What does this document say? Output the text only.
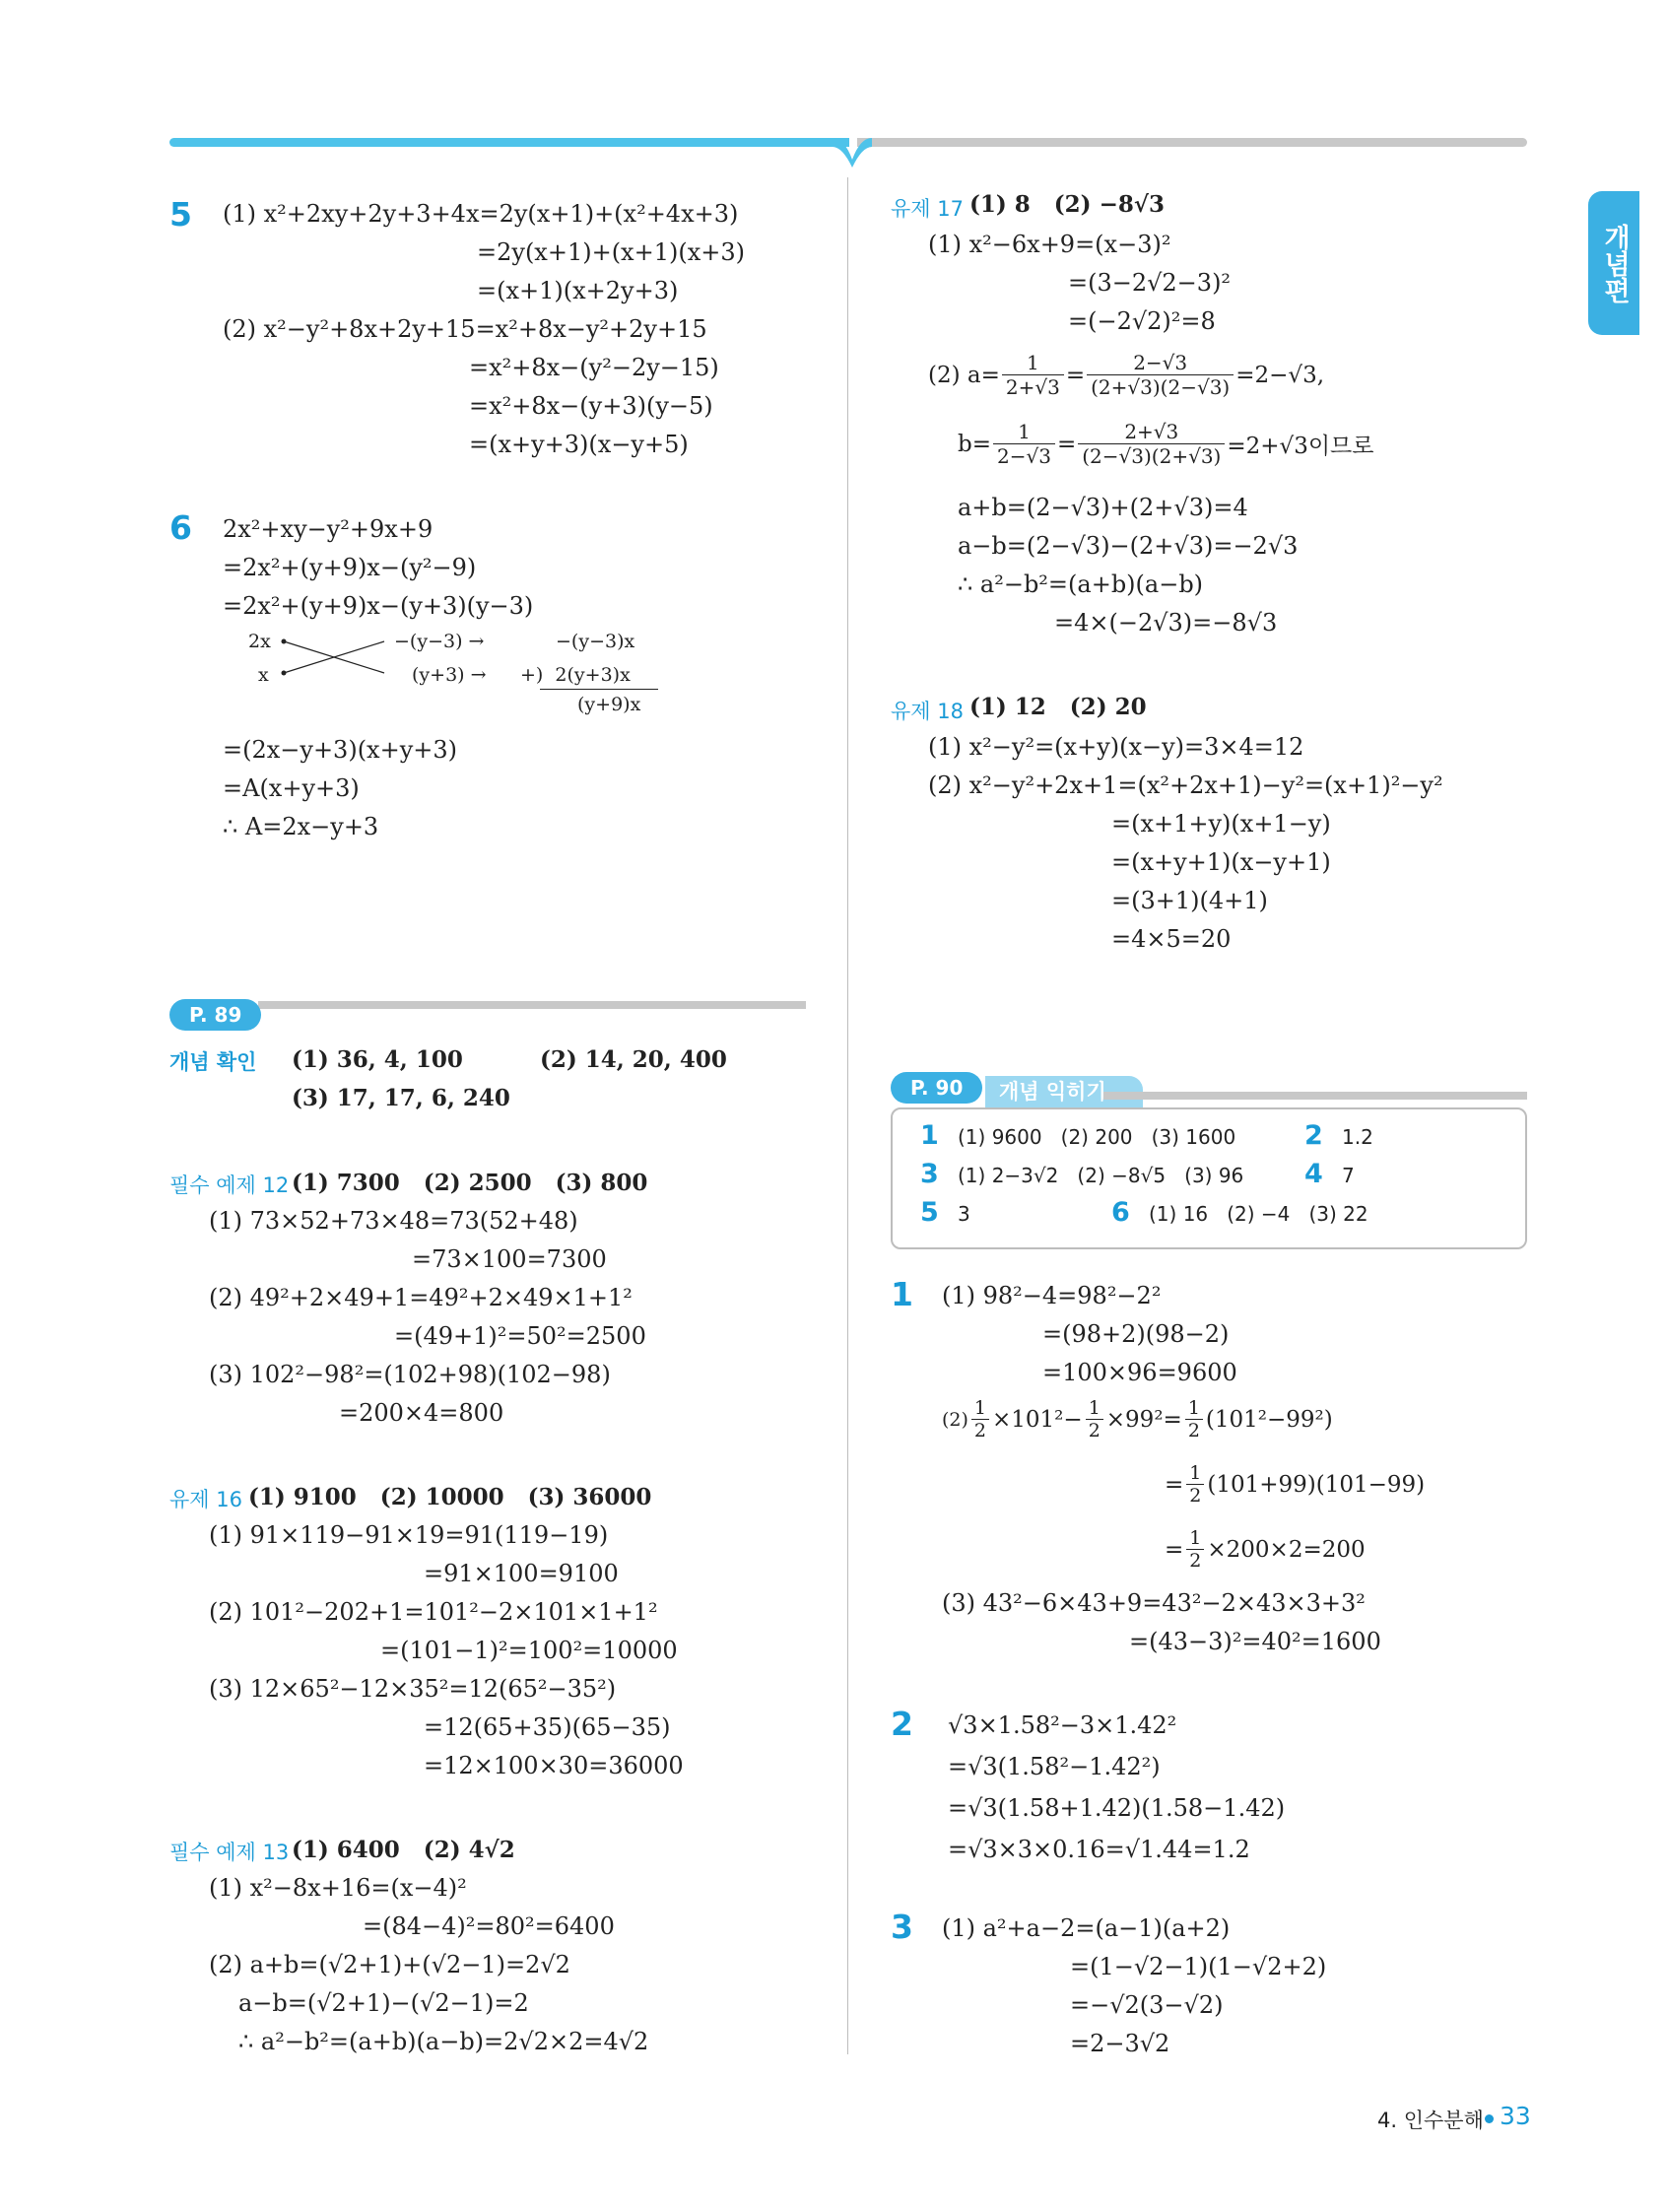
개념편
5 (1) x²+2xy+2y+3+4x=2y(x+1)+(x²+4x+3)
=2y(x+1)+(x+1)(x+3)
=(x+1)(x+2y+3)
(2) x²−y²+8x+2y+15=x²+8x−y²+2y+15
=x²+8x−(y²−2y−15)
=x²+8x−(y+3)(y−5)
=(x+y+3)(x−y+5)
6 2x²+xy−y²+9x+9
=2x²+(y+9)x−(y²−9)
=2x²+(y+9)x−(y+3)(y−3)
2x
x
−(y−3) →
(y+3) →
−(y−3)x
+)  2(y+3)x
(y+9)x
=(2x−y+3)(x+y+3)
=A(x+y+3)
∴ A=2x−y+3
P. 89
개념 확인 (1) 36, 4, 100	(2) 14, 20, 400
(3) 17, 17, 6, 240
필수 예제 12 (1) 7300   (2) 2500   (3) 800
(1) 73×52+73×48=73(52+48)
=73×100=7300
(2) 49²+2×49+1=49²+2×49×1+1²
=(49+1)²=50²=2500
(3) 102²−98²=(102+98)(102−98)
=200×4=800
유제 16 (1) 9100   (2) 10000   (3) 36000
(1) 91×119−91×19=91(119−19)
=91×100=9100
(2) 101²−202+1=101²−2×101×1+1²
=(101−1)²=100²=10000
(3) 12×65²−12×35²=12(65²−35²)
=12(65+35)(65−35)
=12×100×30=36000
필수 예제 13 (1) 6400   (2) 4√2
(1) x²−8x+16=(x−4)²
=(84−4)²=80²=6400
(2) a+b=(√2+1)+(√2−1)=2√2
a−b=(√2+1)−(√2−1)=2
∴ a²−b²=(a+b)(a−b)=2√2×2=4√2
유제 17 (1) 8   (2) −8√3
(1) x²−6x+9=(x−3)²
=(3−2√2−3)²
=(−2√2)²=8
(2) $a= \frac{1}{2+√3} = \frac{2-√3}{(2+√3)(2-√3)} =2-√3$,
$b= \frac{1}{2-√3} = \frac{2+√3}{(2-√3)(2+√3)} =2+√3$이므로
a+b=(2−√3)+(2+√3)=4
a−b=(2−√3)−(2+√3)=−2√3
∴ a²−b²=(a+b)(a−b)
=4×(−2√3)=−8√3
유제 18 (1) 12   (2) 20
(1) x²−y²=(x+y)(x−y)=3×4=12
(2) x²−y²+2x+1=(x²+2x+1)−y²=(x+1)²−y²
=(x+1+y)(x+1−y)
=(x+y+1)(x−y+1)
=(3+1)(4+1)
=4×5=20
P. 90	개념 익히기
1 (1) 9600   (2) 200   (3) 1600	2 1.2
3 (1) 2−3√2   (2) −8√5   (3) 96 4 7
5 3	6 (1) 16   (2) −4   (3) 22
1 (1) 98²−4=98²−2²
=(98+2)(98−2)
=100×96=9600
$(2) \frac{1}{2} \times 101^2- \frac{1}{2} \times 99^2= \frac{1}{2} (101^2-99^2)$
= $\frac{1}{2} (101+99)(101-99)$
= $\frac{1}{2} \times 200\times 2=200$
(3) 43²−6×43+9=43²−2×43×3+3²
=(43−3)²=40²=1600
2 √3×1.58²−3×1.42²
=√3(1.58²−1.42²)
=√3(1.58+1.42)(1.58−1.42)
=√3×3×0.16=√1.44=1.2
3 (1) a²+a−2=(a−1)(a+2)
=(1−√2−1)(1−√2+2)
=−√2(3−√2)
=2−3√2
4. 인수분해 33
